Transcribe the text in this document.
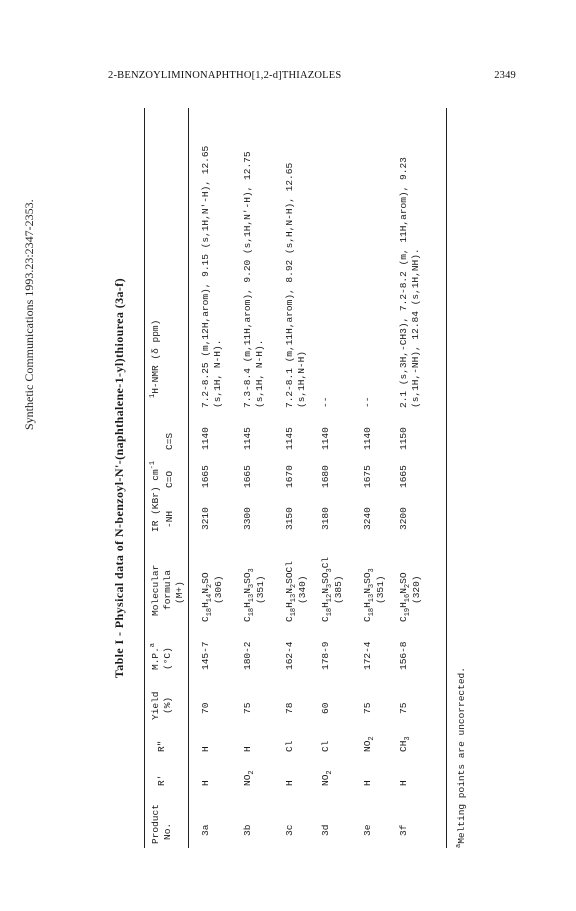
2-BENZOYLIMINONAPHTHO[1,2-d]THIAZOLES	2349
Synthetic Communications 1993.23:2347-2353.	Table I - Physical data of N-benzoyl-N'-(naphthalene-1-yl)thiourea (3a-f)
Product No.
R'
R"
Yield (%)
M.P.$^a$
(°C)
Molecular formula (M+)
IR (KBr) $cm^{-1}$
-NH
C=O
C=S
$^1$H-NMR (δ ppm)
3a
H
H
70
145-7
$C_{18}H_{14}N_2SO$ (306)
3210
1665
1140
7.2-8.25 (m,12H,arom), 9.15 (s,1H,N'-H), 12.65 (s,1H, N-H).
3b
$NO_2$
H
75
180-2
$C_{18}H_{13}N_3SO_3$
(351)
3300
1665
1145
7.3-8.4 (m,11H,arom), 9.20 (s,1H,N'-H), 12.75 (s,1H, N-H).
3c
H
Cl
78
162-4
$C_{18}H_{13}N_2SOCl$
(340)
3150
1670
1145
7.2-8.1 (m,11H,arom), 8.92 (s,H,N-H), 12.65 (s,1H,N-H)
3d
$NO_2$
Cl
60
178-9
$C_{18}H_{12}N_3SO_3Cl$
(385)
3180
1680
1140
--
3e
H
$NO_2$
75
172-4
$C_{18}H_{13}N_3SO_3$
(351)
3240
1675
1140
--
3f
H
$CH_3$
75
156-8
$C_{19}H_{16}N_2SO$ (320)
3200
1665
1150
2.1 (s,3H,-CH3), 7.2-8.2 (m, 11H,arom), 9.23 (s,1H,-NH), 12.84 (s,1H,NH).
$^a$Melting points are uncorrected.
